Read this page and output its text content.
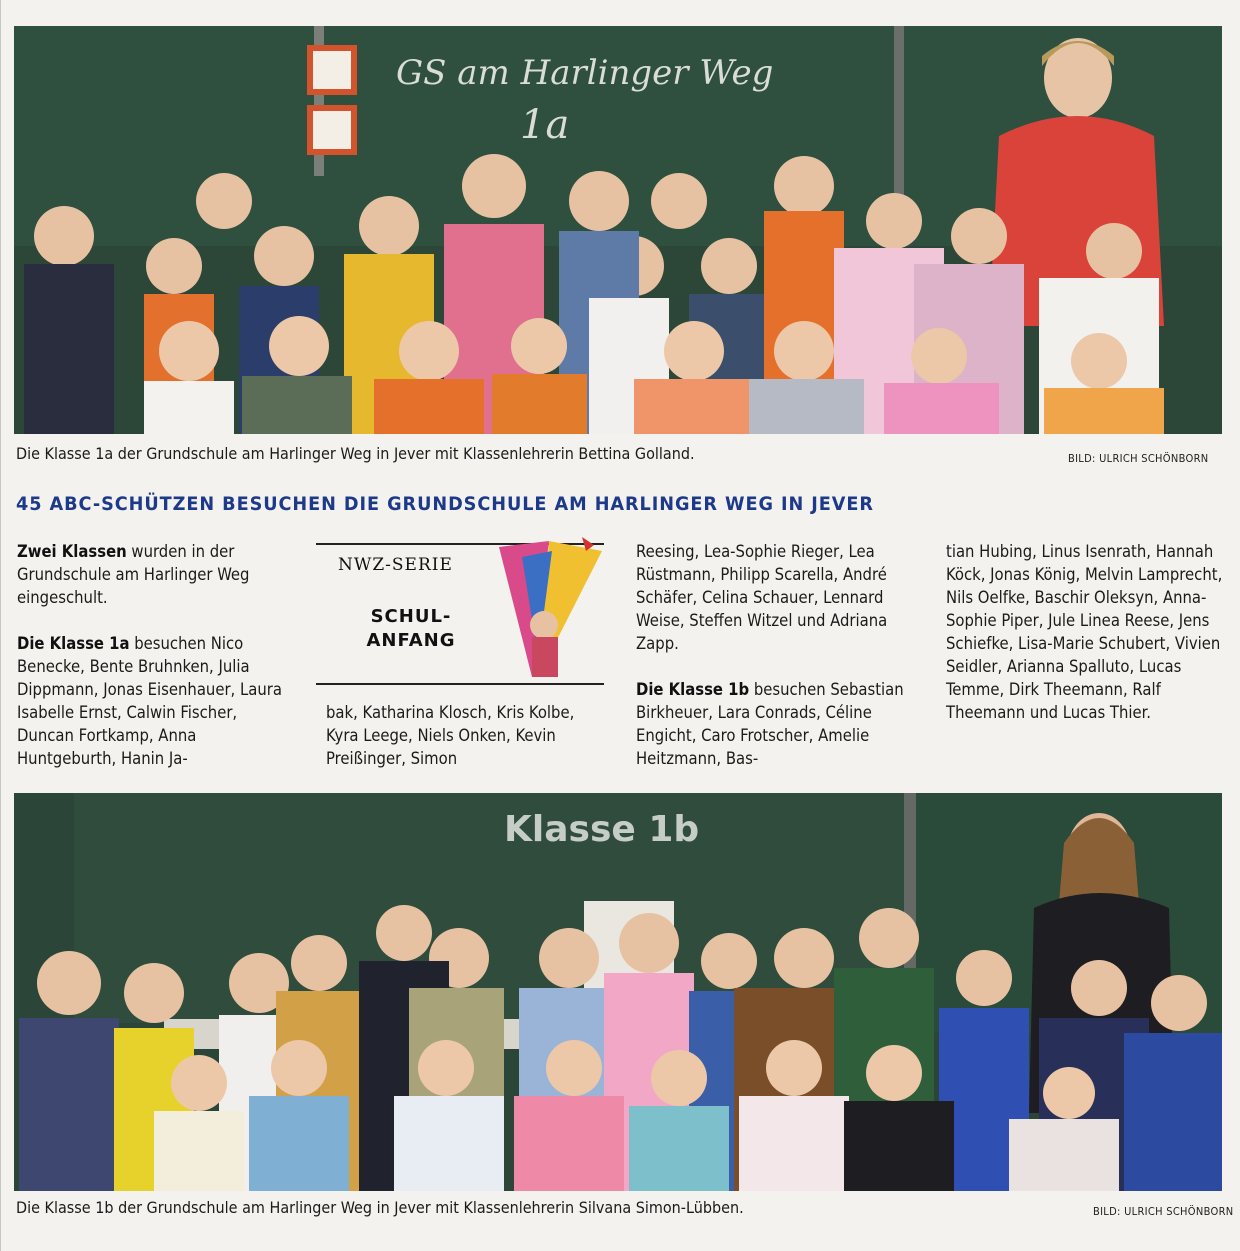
GS am Harlinger Weg
1a
Die Klasse 1a der Grundschule am Harlinger Weg in Jever mit Klassenlehrerin Bettina Golland.	BILD: ULRICH SCHÖNBORN
45 ABC-SCHÜTZEN BESUCHEN DIE GRUNDSCHULE AM HARLINGER WEG IN JEVER

Zwei Klassen wurden in der Grundschule am Harlinger Weg eingeschult.

Die Klasse 1a besuchen Nico Benecke, Bente Bruhnken, Julia Dippmann, Jonas Eisenhauer, Laura Isabelle Ernst, Calwin Fischer, Duncan Fortkamp, Anna Huntgeburth, Hanin Ja-

NWZ-SERIE
SCHUL-
ANFANG

bak, Katharina Klosch, Kris Kolbe, Kyra Leege, Niels Onken, Kevin Preißinger, Simon

Reesing, Lea-Sophie Rieger, Lea Rüstmann, Philipp Scarella, André Schäfer, Celina Schauer, Lennard Weise, Steffen Witzel und Adriana Zapp.

Die Klasse 1b besuchen Sebastian Birkheuer, Lara Conrads, Céline Engicht, Caro Frotscher, Amelie Heitzmann, Bas-

tian Hubing, Linus Isenrath, Hannah Köck, Jonas König, Melvin Lamprecht, Nils Oelfke, Baschir Oleksyn, Anna-Sophie Piper, Jule Linea Reese, Jens Schiefke, Lisa-Marie Schubert, Vivien Seidler, Arianna Spalluto, Lucas Temme, Dirk Theemann, Ralf Theemann und Lucas Thier.

Klasse 1b
Die Klasse 1b der Grundschule am Harlinger Weg in Jever mit Klassenlehrerin Silvana Simon-Lübben.	BILD: ULRICH SCHÖNBORN
